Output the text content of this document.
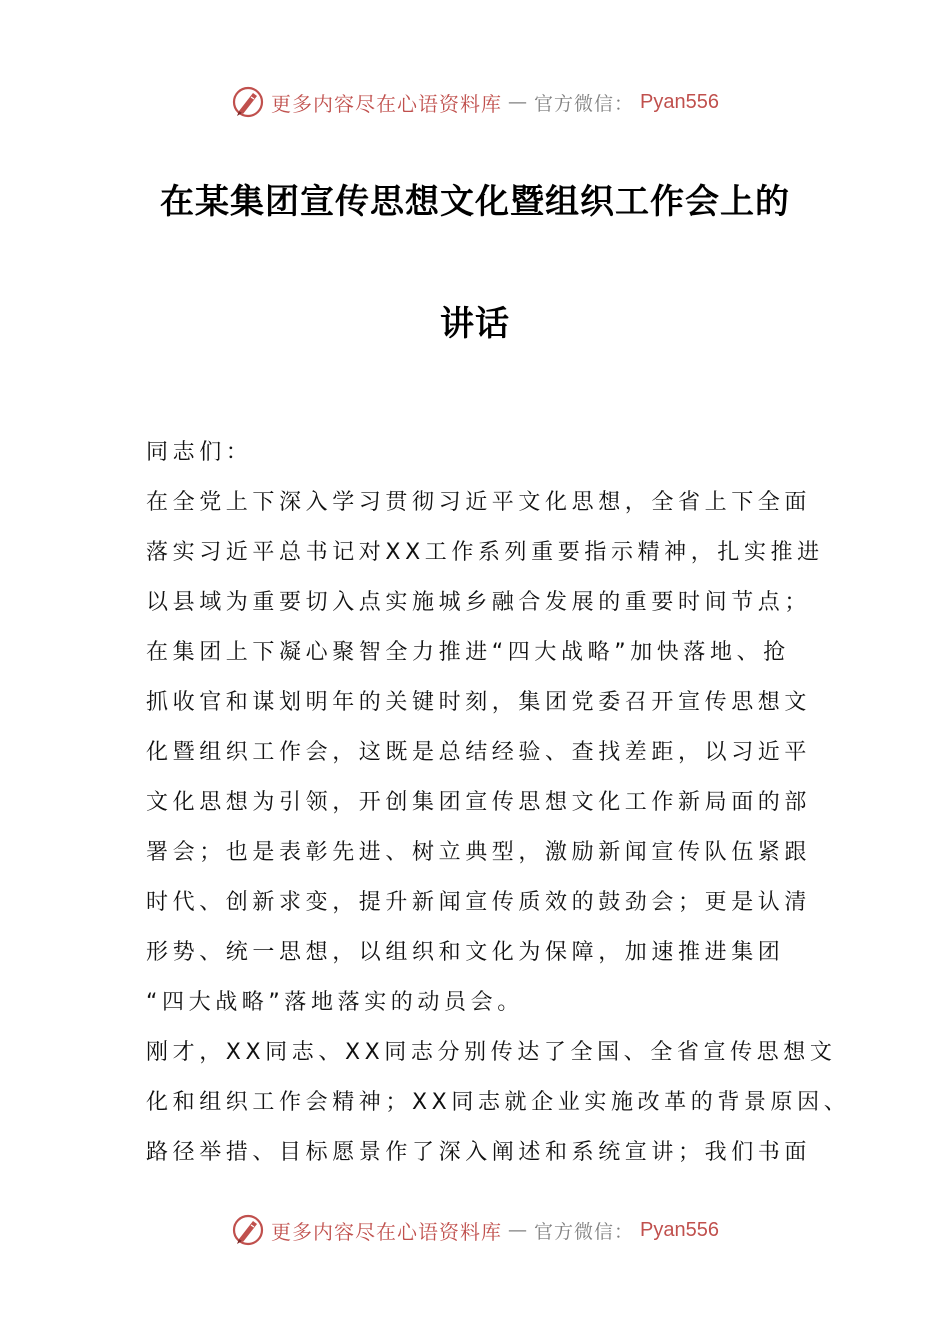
更多内容尽在心语资料库 — 官方微信： Pyan556
在某集团宣传思想文化暨组织工作会上的
讲话
同志们：
在全党上下深入学习贯彻习近平文化思想，全省上下全面
落实习近平总书记对XX工作系列重要指示精神，扎实推进
以县域为重要切入点实施城乡融合发展的重要时间节点；
在集团上下凝心聚智全力推进“四大战略”加快落地、抢
抓收官和谋划明年的关键时刻，集团党委召开宣传思想文
化暨组织工作会，这既是总结经验、查找差距，以习近平
文化思想为引领，开创集团宣传思想文化工作新局面的部
署会；也是表彰先进、树立典型，激励新闻宣传队伍紧跟
时代、创新求变，提升新闻宣传质效的鼓劲会；更是认清
形势、统一思想，以组织和文化为保障，加速推进集团
“四大战略”落地落实的动员会。
刚才，XX同志、XX同志分别传达了全国、全省宣传思想文
化和组织工作会精神；XX同志就企业实施改革的背景原因、
路径举措、目标愿景作了深入阐述和系统宣讲；我们书面
更多内容尽在心语资料库 — 官方微信： Pyan556
